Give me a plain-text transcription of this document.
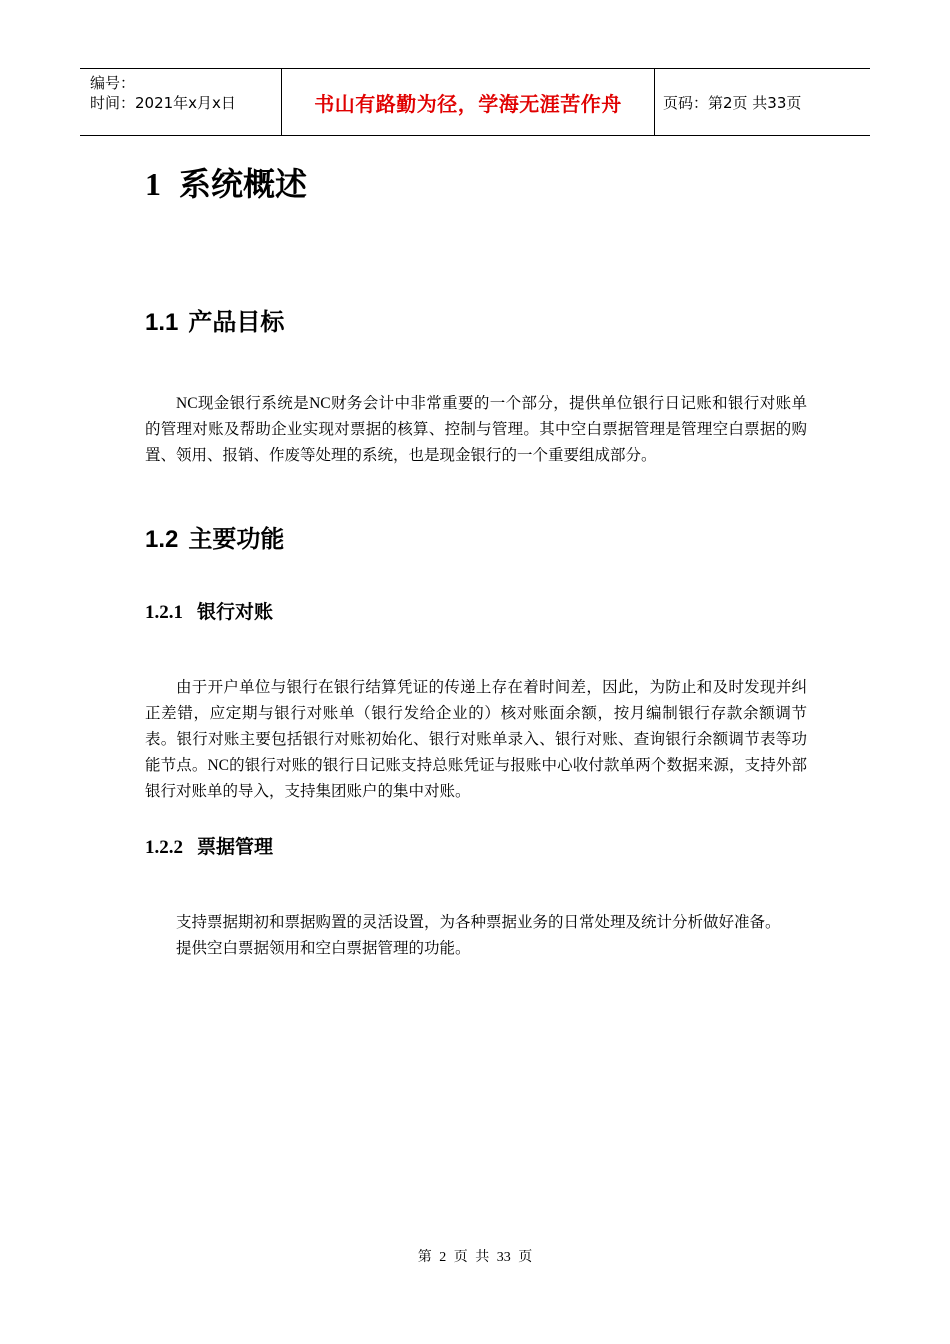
编号：
时间：2021年x月x日	书山有路勤为径，学海无涯苦作舟	页码：第2页 共33页
1 系统概述
1.1 产品目标

NC现金银行系统是NC财务会计中非常重要的一个部分，提供单位银行日记账和银行对账单的管理对账及帮助企业实现对票据的核算、控制与管理。其中空白票据管理是管理空白票据的购置、领用、报销、作废等处理的系统，也是现金银行的一个重要组成部分。

1.2 主要功能
1.2.1 银行对账

由于开户单位与银行在银行结算凭证的传递上存在着时间差，因此，为防止和及时发现并纠正差错，应定期与银行对账单（银行发给企业的）核对账面余额，按月编制银行存款余额调节表。银行对账主要包括银行对账初始化、银行对账单录入、银行对账、查询银行余额调节表等功能节点。NC的银行对账的银行日记账支持总账凭证与报账中心收付款单两个数据来源，支持外部银行对账单的导入，支持集团账户的集中对账。

1.2.2 票据管理

支持票据期初和票据购置的灵活设置，为各种票据业务的日常处理及统计分析做好准备。

提供空白票据领用和空白票据管理的功能。

第 2 页 共 33 页
